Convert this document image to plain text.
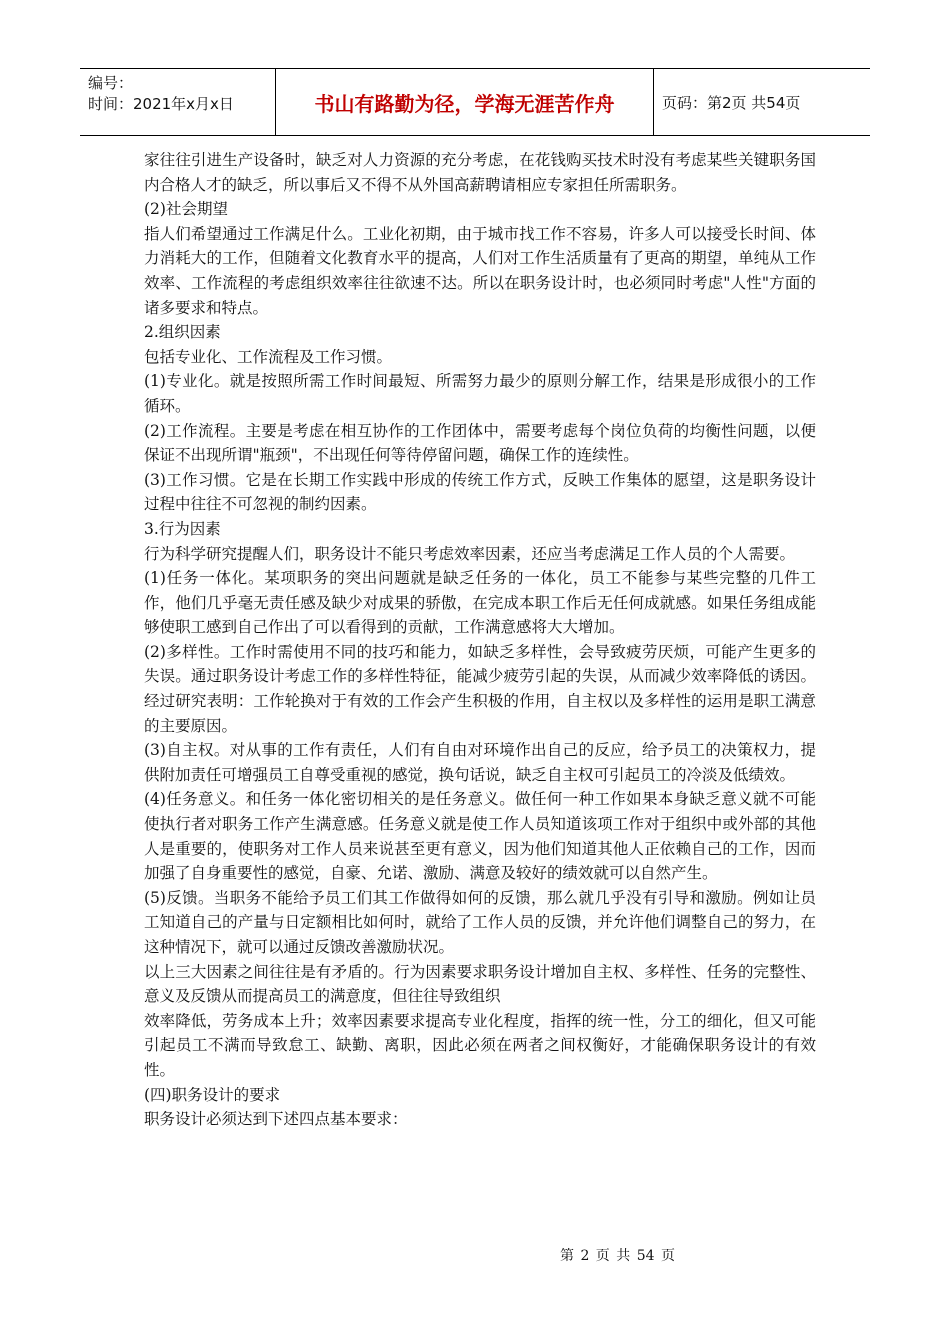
编号：
时间：2021年x月x日	书山有路勤为径，学海无涯苦作舟	页码：第2页 共54页

家往往引进生产设备时，缺乏对人力资源的充分考虑，在花钱购买技术时没有考虑某些关键职务国内合格人才的缺乏，所以事后又不得不从外国高薪聘请相应专家担任所需职务。

(2)社会期望

指人们希望通过工作满足什么。工业化初期，由于城市找工作不容易，许多人可以接受长时间、体力消耗大的工作，但随着文化教育水平的提高，人们对工作生活质量有了更高的期望，单纯从工作效率、工作流程的考虑组织效率往往欲速不达。所以在职务设计时，也必须同时考虑"人性"方面的诸多要求和特点。

2.组织因素

包括专业化、工作流程及工作习惯。

(1)专业化。就是按照所需工作时间最短、所需努力最少的原则分解工作，结果是形成很小的工作循环。

(2)工作流程。主要是考虑在相互协作的工作团体中，需要考虑每个岗位负荷的均衡性问题，以便保证不出现所谓"瓶颈"，不出现任何等待停留问题，确保工作的连续性。

(3)工作习惯。它是在长期工作实践中形成的传统工作方式，反映工作集体的愿望，这是职务设计过程中往往不可忽视的制约因素。

3.行为因素

行为科学研究提醒人们，职务设计不能只考虑效率因素，还应当考虑满足工作人员的个人需要。

(1)任务一体化。某项职务的突出问题就是缺乏任务的一体化，员工不能参与某些完整的几件工作，他们几乎毫无责任感及缺少对成果的骄傲，在完成本职工作后无任何成就感。如果任务组成能够使职工感到自己作出了可以看得到的贡献，工作满意感将大大增加。

(2)多样性。工作时需使用不同的技巧和能力，如缺乏多样性，会导致疲劳厌烦，可能产生更多的失误。通过职务设计考虑工作的多样性特征，能减少疲劳引起的失误，从而减少效率降低的诱因。经过研究表明：工作轮换对于有效的工作会产生积极的作用，自主权以及多样性的运用是职工满意的主要原因。

(3)自主权。对从事的工作有责任，人们有自由对环境作出自己的反应，给予员工的决策权力，提供附加责任可增强员工自尊受重视的感觉，换句话说，缺乏自主权可引起员工的冷淡及低绩效。

(4)任务意义。和任务一体化密切相关的是任务意义。做任何一种工作如果本身缺乏意义就不可能使执行者对职务工作产生满意感。任务意义就是使工作人员知道该项工作对于组织中或外部的其他人是重要的，使职务对工作人员来说甚至更有意义，因为他们知道其他人正依赖自己的工作，因而加强了自身重要性的感觉，自豪、允诺、激励、满意及较好的绩效就可以自然产生。

(5)反馈。当职务不能给予员工们其工作做得如何的反馈，那么就几乎没有引导和激励。例如让员工知道自己的产量与日定额相比如何时，就给了工作人员的反馈，并允许他们调整自己的努力，在这种情况下，就可以通过反馈改善激励状况。

以上三大因素之间往往是有矛盾的。行为因素要求职务设计增加自主权、多样性、任务的完整性、意义及反馈从而提高员工的满意度，但往往导致组织

效率降低，劳务成本上升；效率因素要求提高专业化程度，指挥的统一性，分工的细化，但又可能引起员工不满而导致怠工、缺勤、离职，因此必须在两者之间权衡好，才能确保职务设计的有效性。

(四)职务设计的要求

职务设计必须达到下述四点基本要求：

第 2 页 共 54 页
